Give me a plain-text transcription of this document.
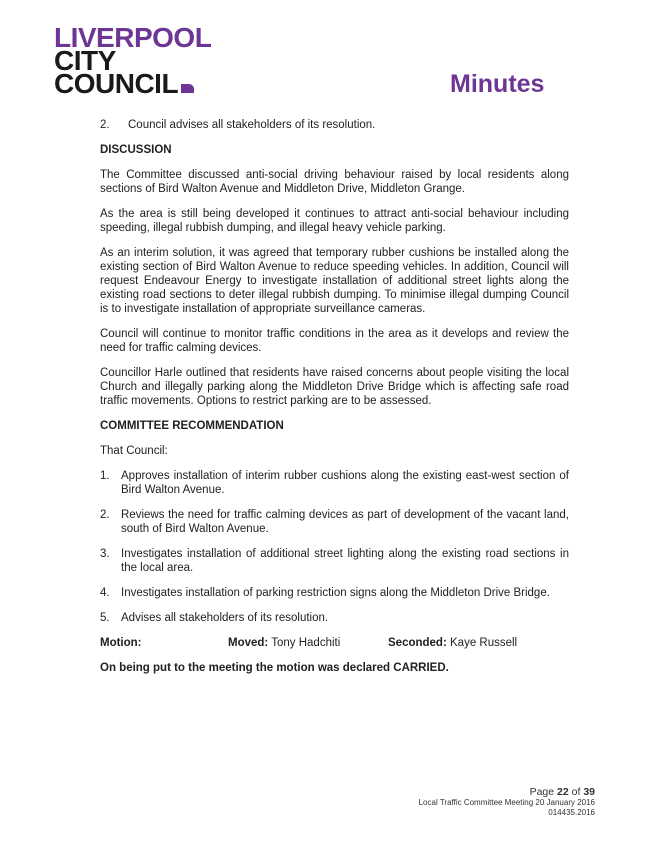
LIVERPOOL
CITY
COUNCIL	Minutes
2.	Council advises all stakeholders of its resolution.
DISCUSSION

The Committee discussed anti-social driving behaviour raised by local residents along sections of Bird Walton Avenue and Middleton Drive, Middleton Grange.

As the area is still being developed it continues to attract anti-social behaviour including speeding, illegal rubbish dumping, and illegal heavy vehicle parking.

As an interim solution, it was agreed that temporary rubber cushions be installed along the existing section of Bird Walton Avenue to reduce speeding vehicles. In addition, Council will request Endeavour Energy to investigate installation of additional street lights along the existing road sections to deter illegal rubbish dumping. To minimise illegal dumping Council is to investigate installation of appropriate surveillance cameras.

Council will continue to monitor traffic conditions in the area as it develops and review the need for traffic calming devices.

Councillor Harle outlined that residents have raised concerns about people visiting the local Church and illegally parking along the Middleton Drive Bridge which is affecting safe road traffic movements. Options to restrict parking are to be assessed.

COMMITTEE RECOMMENDATION

That Council:

1. Approves installation of interim rubber cushions along the existing east-west section of Bird Walton Avenue.
2. Reviews the need for traffic calming devices as part of development of the vacant land, south of Bird Walton Avenue.
3. Investigates installation of additional street lighting along the existing road sections in the local area.
4. Investigates installation of parking restriction signs along the Middleton Drive Bridge.
5. Advises all stakeholders of its resolution.
Motion:	Moved: Tony Hadchiti	Seconded: Kaye Russell
On being put to the meeting the motion was declared CARRIED.
Page 22 of 39
Local Traffic Committee Meeting 20 January 2016
014435.2016
